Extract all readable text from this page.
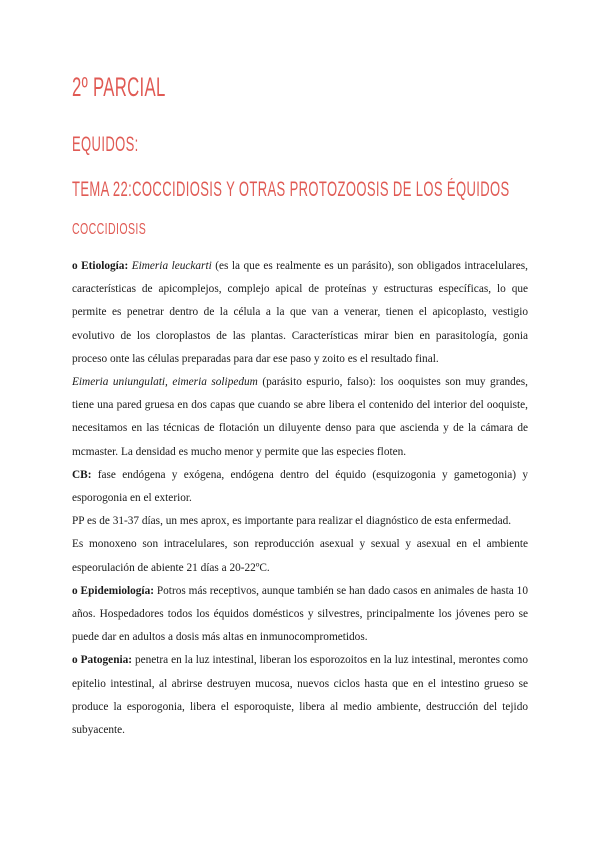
2º PARCIAL
EQUIDOS:
TEMA 22:COCCIDIOSIS Y OTRAS PROTOZOOSIS DE LOS ÉQUIDOS
COCCIDIOSIS

o Etiología: Eimeria leuckarti (es la que es realmente es un parásito), son obligados intracelulares, características de apicomplejos, complejo apical de proteínas y estructuras específicas, lo que permite es penetrar dentro de la célula a la que van a venerar, tienen el apicoplasto, vestigio evolutivo de los cloroplastos de las plantas. Características mirar bien en parasitología, gonia proceso onte las células preparadas para dar ese paso y zoito es el resultado final.

Eimeria uniungulati, eimeria solipedum (parásito espurio, falso): los ooquistes son muy grandes, tiene una pared gruesa en dos capas que cuando se abre libera el contenido del interior del ooquiste, necesitamos en las técnicas de flotación un diluyente denso para que ascienda y de la cámara de mcmaster. La densidad es mucho menor y permite que las especies floten.

CB: fase endógena y exógena, endógena dentro del équido (esquizogonia y gametogonia) y esporogonia en el exterior.

PP es de 31-37 días, un mes aprox, es importante para realizar el diagnóstico de esta enfermedad.

Es monoxeno son intracelulares, son reproducción asexual y sexual y asexual en el ambiente espeorulación de abiente 21 días a 20-22ºC.

o Epidemiología: Potros más receptivos, aunque también se han dado casos en animales de hasta 10 años. Hospedadores todos los équidos domésticos y silvestres, principalmente los jóvenes pero se puede dar en adultos a dosis más altas en inmunocomprometidos.

o Patogenia: penetra en la luz intestinal, liberan los esporozoitos en la luz intestinal, merontes como epitelio intestinal, al abrirse destruyen mucosa, nuevos ciclos hasta que en el intestino grueso se produce la esporogonia, libera el esporoquiste, libera al medio ambiente, destrucción del tejido subyacente.
